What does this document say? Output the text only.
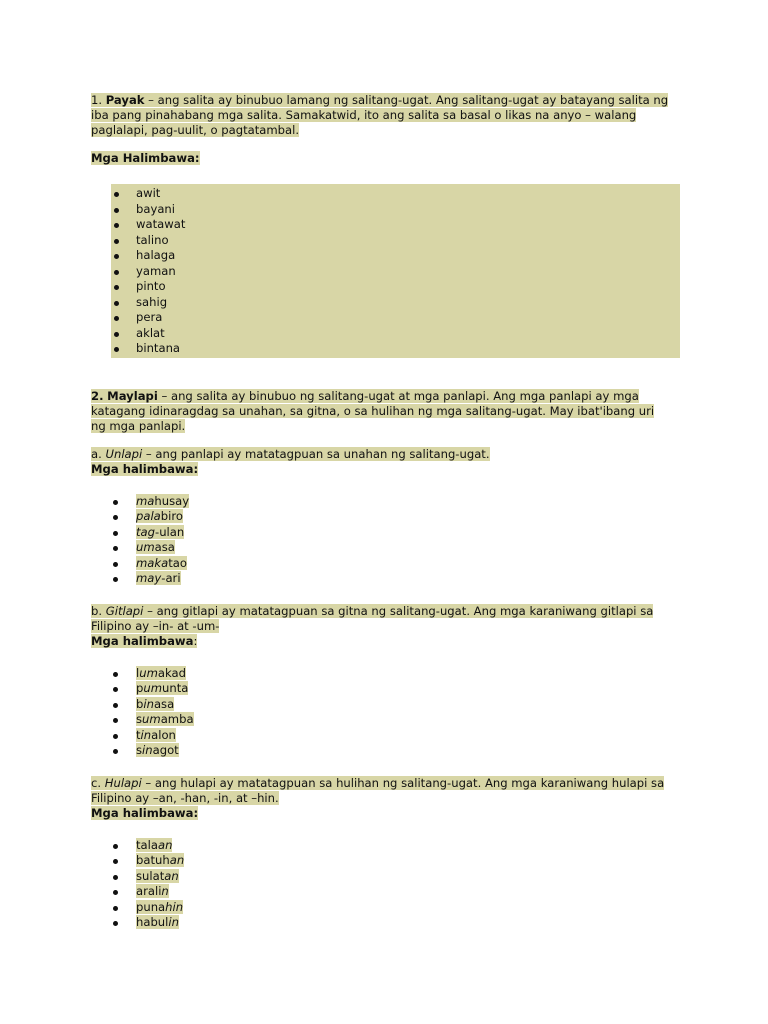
1. Payak – ang salita ay binubuo lamang ng salitang-ugat. Ang salitang-ugat ay batayang salita ng iba pang pinahabang mga salita. Samakatwid, ito ang salita sa basal o likas na anyo – walang paglalapi, pag-uulit, o pagtatambal.

Mga Halimbawa:

awit
bayani
watawat
talino
halaga
yaman
pinto
sahig
pera
aklat
bintana

2. Maylapi – ang salita ay binubuo ng salitang-ugat at mga panlapi. Ang mga panlapi ay mga katagang idinaragdag sa unahan, sa gitna, o sa hulihan ng mga salitang-ugat. May ibat'ibang uri ng mga panlapi.

a. Unlapi – ang panlapi ay matatagpuan sa unahan ng salitang-ugat.

Mga halimbawa:

mahusay
palabiro
tag-ulan
umasa
makatao
may-ari

b. Gitlapi – ang gitlapi ay matatagpuan sa gitna ng salitang-ugat. Ang mga karaniwang gitlapi sa Filipino ay –in- at -um-

Mga halimbawa:

lumakad
pumunta
binasa
sumamba
tinalon
sinagot

c. Hulapi – ang hulapi ay matatagpuan sa hulihan ng salitang-ugat. Ang mga karaniwang hulapi sa Filipino ay –an, -han, -in, at –hin.

Mga halimbawa:

talaan
batuhan
sulatan
aralin
punahin
habulin
